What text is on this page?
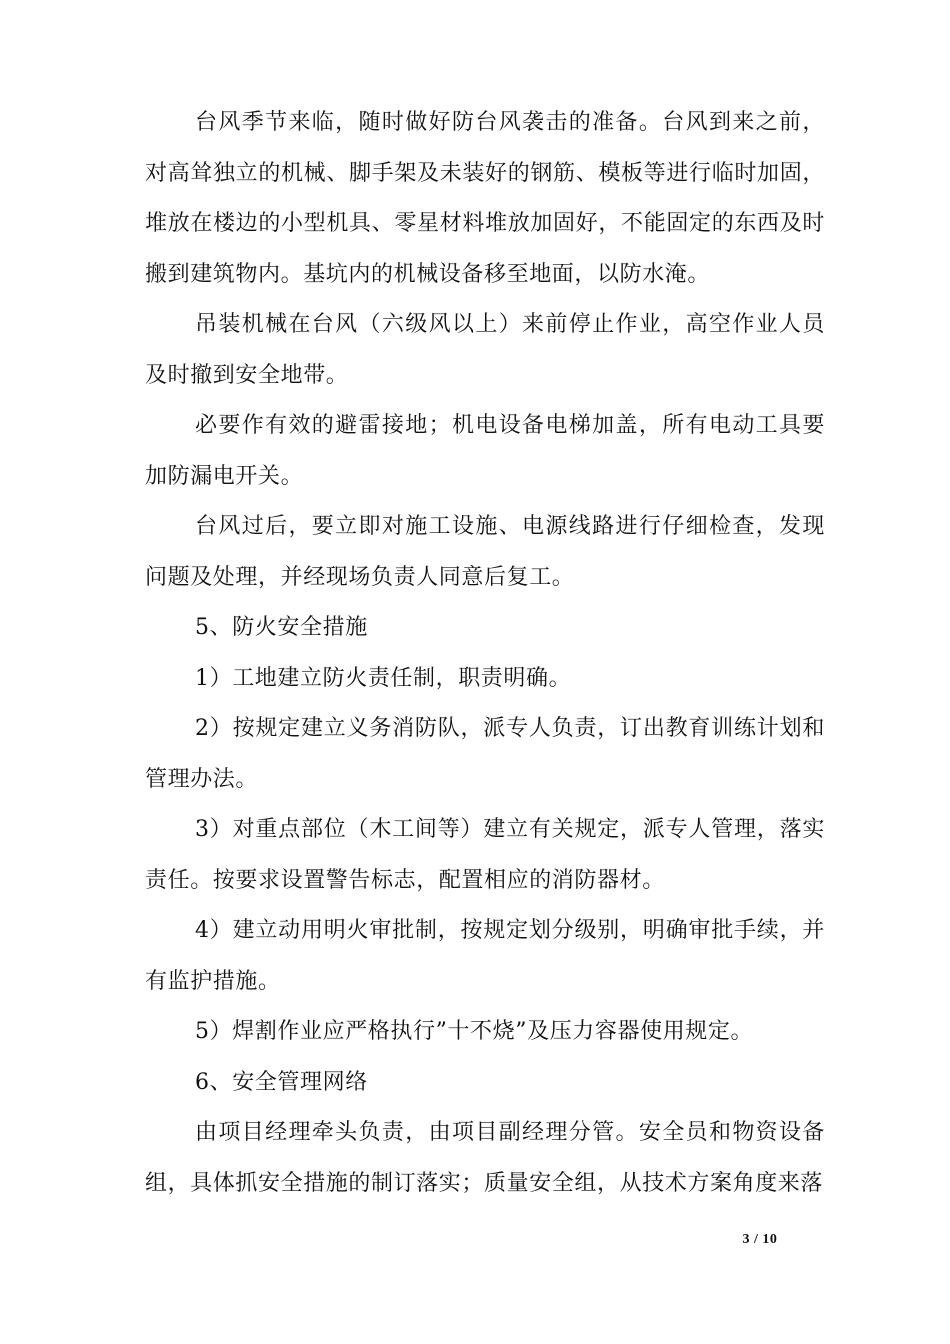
台风季节来临，随时做好防台风袭击的准备。台风到来之前，对高耸独立的机械、脚手架及未装好的钢筋、模板等进行临时加固，堆放在楼边的小型机具、零星材料堆放加固好，不能固定的东西及时搬到建筑物内。基坑内的机械设备移至地面，以防水淹。

吊装机械在台风（六级风以上）来前停止作业，高空作业人员及时撤到安全地带。

必要作有效的避雷接地；机电设备电梯加盖，所有电动工具要加防漏电开关。

台风过后，要立即对施工设施、电源线路进行仔细检查，发现问题及处理，并经现场负责人同意后复工。

5、防火安全措施

1）工地建立防火责任制，职责明确。

2）按规定建立义务消防队，派专人负责，订出教育训练计划和管理办法。

3）对重点部位（木工间等）建立有关规定，派专人管理，落实责任。按要求设置警告标志，配置相应的消防器材。

4）建立动用明火审批制，按规定划分级别，明确审批手续，并有监护措施。

5）焊割作业应严格执行”十不烧”及压力容器使用规定。

6、安全管理网络

由项目经理牵头负责，由项目副经理分管。安全员和物资设备组，具体抓安全措施的制订落实；质量安全组，从技术方案角度来落

3 / 10
